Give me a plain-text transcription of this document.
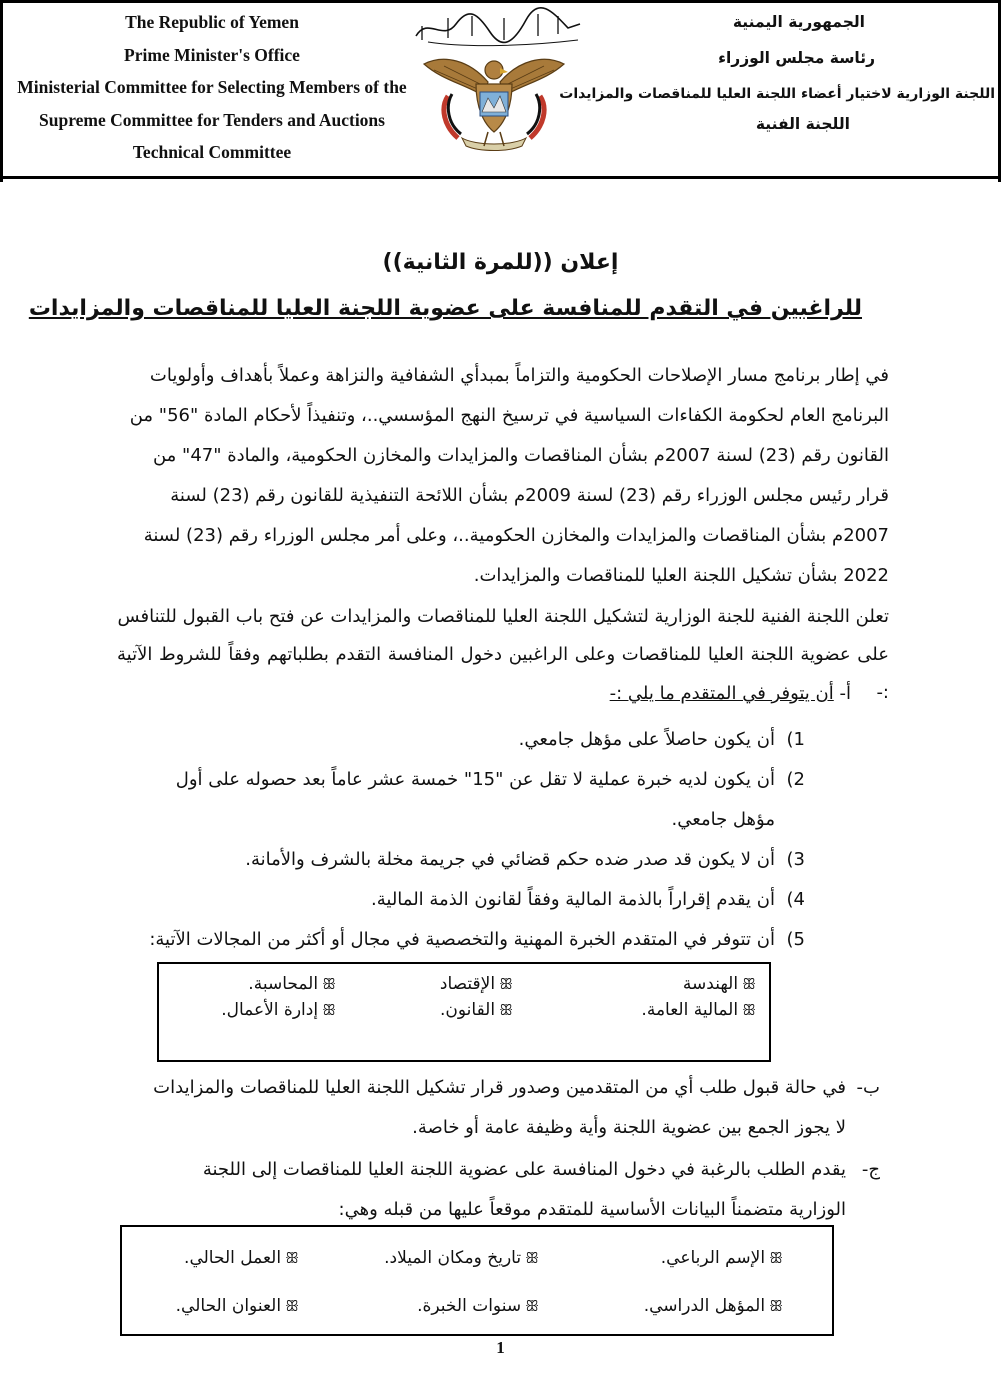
The Republic of Yemen
Prime Minister's Office
Ministerial Committee for Selecting Members of the
Supreme Committee for Tenders and Auctions
Technical Committee
الجمهورية اليمنية
رئاسة مجلس الوزراء
اللجنة الوزارية لاختيار أعضاء اللجنة العليا للمناقصات والمزايدات
اللجنة الفنية
إعلان ((للمرة الثانية))
للراغبين في التقدم للمنافسة على عضوية اللجنة العليا للمناقصات والمزايدات
في إطار برنامج مسار الإصلاحات الحكومية والتزاماً بمبدأي الشفافية والنزاهة وعملاً بأهداف وأولويات
البرنامج العام لحكومة الكفاءات السياسية في ترسيخ النهج المؤسسي..، وتنفيذاً لأحكام المادة "56" من
القانون رقم (23) لسنة 2007م بشأن المناقصات والمزايدات والمخازن الحكومية، والمادة "47" من
قرار رئيس مجلس الوزراء رقم (23) لسنة 2009م بشأن اللائحة التنفيذية للقانون رقم (23) لسنة
2007م بشأن المناقصات والمزايدات والمخازن الحكومية..، وعلى أمر مجلس الوزراء رقم (23) لسنة
2022 بشأن تشكيل اللجنة العليا للمناقصات والمزايدات.
تعلن اللجنة الفنية للجنة الوزارية لتشكيل اللجنة العليا للمناقصات والمزايدات عن فتح باب القبول للتنافس
على عضوية اللجنة العليا للمناقصات وعلى الراغبين دخول المنافسة التقدم بطلباتهم وفقاً للشروط الآتية :-
أ- أن يتوفر في المتقدم ما يلي :-
1)أن يكون حاصلاً على مؤهل جامعي.
2)أن يكون لديه خبرة عملية لا تقل عن "15" خمسة عشر عاماً بعد حصوله على أول
مؤهل جامعي.
3)أن لا يكون قد صدر ضده حكم قضائي في جريمة مخلة بالشرف والأمانة.
4)أن يقدم إقراراً بالذمة المالية وفقاً لقانون الذمة المالية.
5)أن تتوفر في المتقدم الخبرة المهنية والتخصصية في مجال أو أكثر من المجالات الآتية:
ꕥالهندسة
ꕥالإقتصاد
ꕥالمحاسبة.
ꕥالمالية العامة.
ꕥالقانون.
ꕥإدارة الأعمال.
ب-
في حالة قبول طلب أي من المتقدمين وصدور قرار تشكيل اللجنة العليا للمناقصات والمزايدات
لا يجوز الجمع بين عضوية اللجنة وأية وظيفة عامة أو خاصة.
ج-
يقدم الطلب بالرغبة في دخول المنافسة على عضوية اللجنة العليا للمناقصات إلى اللجنة
الوزارية متضمناً البيانات الأساسية للمتقدم موقعاً عليها من قبله وهي:
ꕥالإسم الرباعي.
ꕥتاريخ ومكان الميلاد.
ꕥالعمل الحالي.
ꕥالمؤهل الدراسي.
ꕥسنوات الخبرة.
ꕥالعنوان الحالي.
1
